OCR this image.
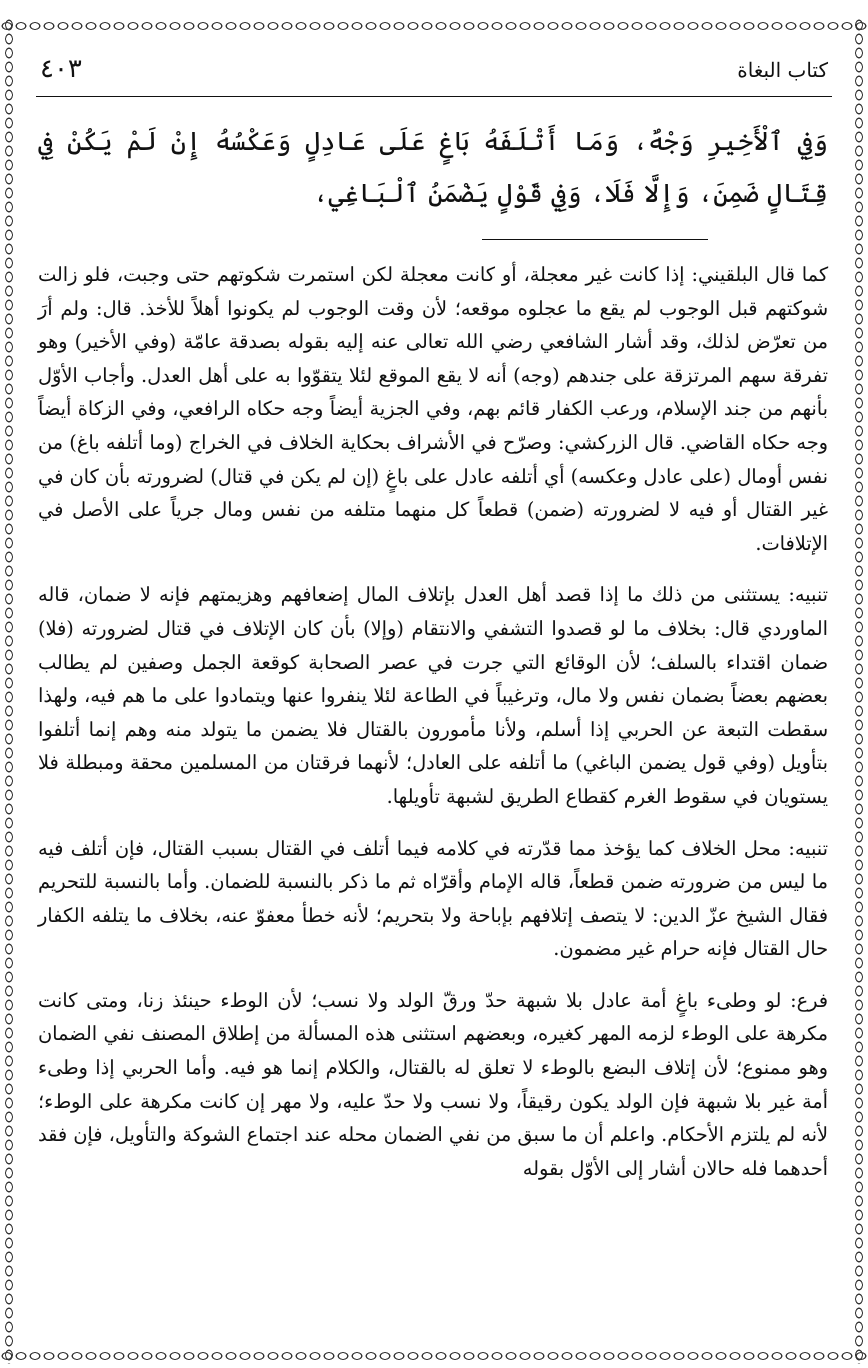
كتاب البغاة
٤٠٣

وَفِي ٱلْأَخِيرِ وَجْهٌ، وَمَا أَتْلَفَهُ بَاغٍ عَلَى عَادِلٍ وَعَكْسُهُ إِنْ لَمْ يَكُنْ فِي قِتَالٍ ضَمِنَ، وَإِلَّا فَلَا، وَفِي قَوْلٍ يَضْمَنُ ٱلْبَاغِي،

كما قال البلقيني: إذا كانت غير معجلة، أو كانت معجلة لكن استمرت شكوتهم حتى وجبت، فلو زالت شوكتهم قبل الوجوب لم يقع ما عجلوه موقعه؛ لأن وقت الوجوب لم يكونوا أهلاً للأخذ. قال: ولم أرَ من تعرّض لذلك، وقد أشار الشافعي رضي الله تعالى عنه إليه بقوله بصدقة عامّة (وفي الأخير) وهو تفرقة سهم المرتزقة على جندهم (وجه) أنه لا يقع الموقع لئلا يتقوّوا به على أهل العدل. وأجاب الأوّل بأنهم من جند الإسلام، ورعب الكفار قائم بهم، وفي الجزية أيضاً وجه حكاه الرافعي، وفي الزكاة أيضاً وجه حكاه القاضي. قال الزركشي: وصرّح في الأشراف بحكاية الخلاف في الخراج (وما أتلفه باغ) من نفس أومال (على عادل وعكسه) أي أتلفه عادل على باغٍ (إن لم يكن في قتال) لضرورته بأن كان في غير القتال أو فيه لا لضرورته (ضمن) قطعاً كل منهما متلفه من نفس ومال جرياً على الأصل في الإتلافات.

تنبيه: يستثنى من ذلك ما إذا قصد أهل العدل بإتلاف المال إضعافهم وهزيمتهم فإنه لا ضمان، قاله الماوردي قال: بخلاف ما لو قصدوا التشفي والانتقام (وإلا) بأن كان الإتلاف في قتال لضرورته (فلا) ضمان اقتداء بالسلف؛ لأن الوقائع التي جرت في عصر الصحابة كوقعة الجمل وصفين لم يطالب بعضهم بعضاً بضمان نفس ولا مال، وترغيباً في الطاعة لئلا ينفروا عنها ويتمادوا على ما هم فيه، ولهذا سقطت التبعة عن الحربي إذا أسلم، ولأنا مأمورون بالقتال فلا يضمن ما يتولد منه وهم إنما أتلفوا بتأويل (وفي قول يضمن الباغي) ما أتلفه على العادل؛ لأنهما فرقتان من المسلمين محقة ومبطلة فلا يستويان في سقوط الغرم كقطاع الطريق لشبهة تأويلها.

تنبيه: محل الخلاف كما يؤخذ مما قدّرته في كلامه فيما أتلف في القتال بسبب القتال، فإن أتلف فيه ما ليس من ضرورته ضمن قطعاً، قاله الإمام وأقرّاه ثم ما ذكر بالنسبة للضمان. وأما بالنسبة للتحريم فقال الشيخ عزّ الدين: لا يتصف إتلافهم بإباحة ولا بتحريم؛ لأنه خطأ معفوّ عنه، بخلاف ما يتلفه الكفار حال القتال فإنه حرام غير مضمون.

فرع: لو وطىء باغٍ أمة عادل بلا شبهة حدّ ورقّ الولد ولا نسب؛ لأن الوطء حينئذ زنا، ومتى كانت مكرهة على الوطء لزمه المهر كغيره، وبعضهم استثنى هذه المسألة من إطلاق المصنف نفي الضمان وهو ممنوع؛ لأن إتلاف البضع بالوطء لا تعلق له بالقتال، والكلام إنما هو فيه. وأما الحربي إذا وطىء أمة غير بلا شبهة فإن الولد يكون رقيقاً، ولا نسب ولا حدّ عليه، ولا مهر إن كانت مكرهة على الوطء؛ لأنه لم يلتزم الأحكام. واعلم أن ما سبق من نفي الضمان محله عند اجتماع الشوكة والتأويل، فإن فقد أحدهما فله حالان أشار إلى الأوّل بقوله
